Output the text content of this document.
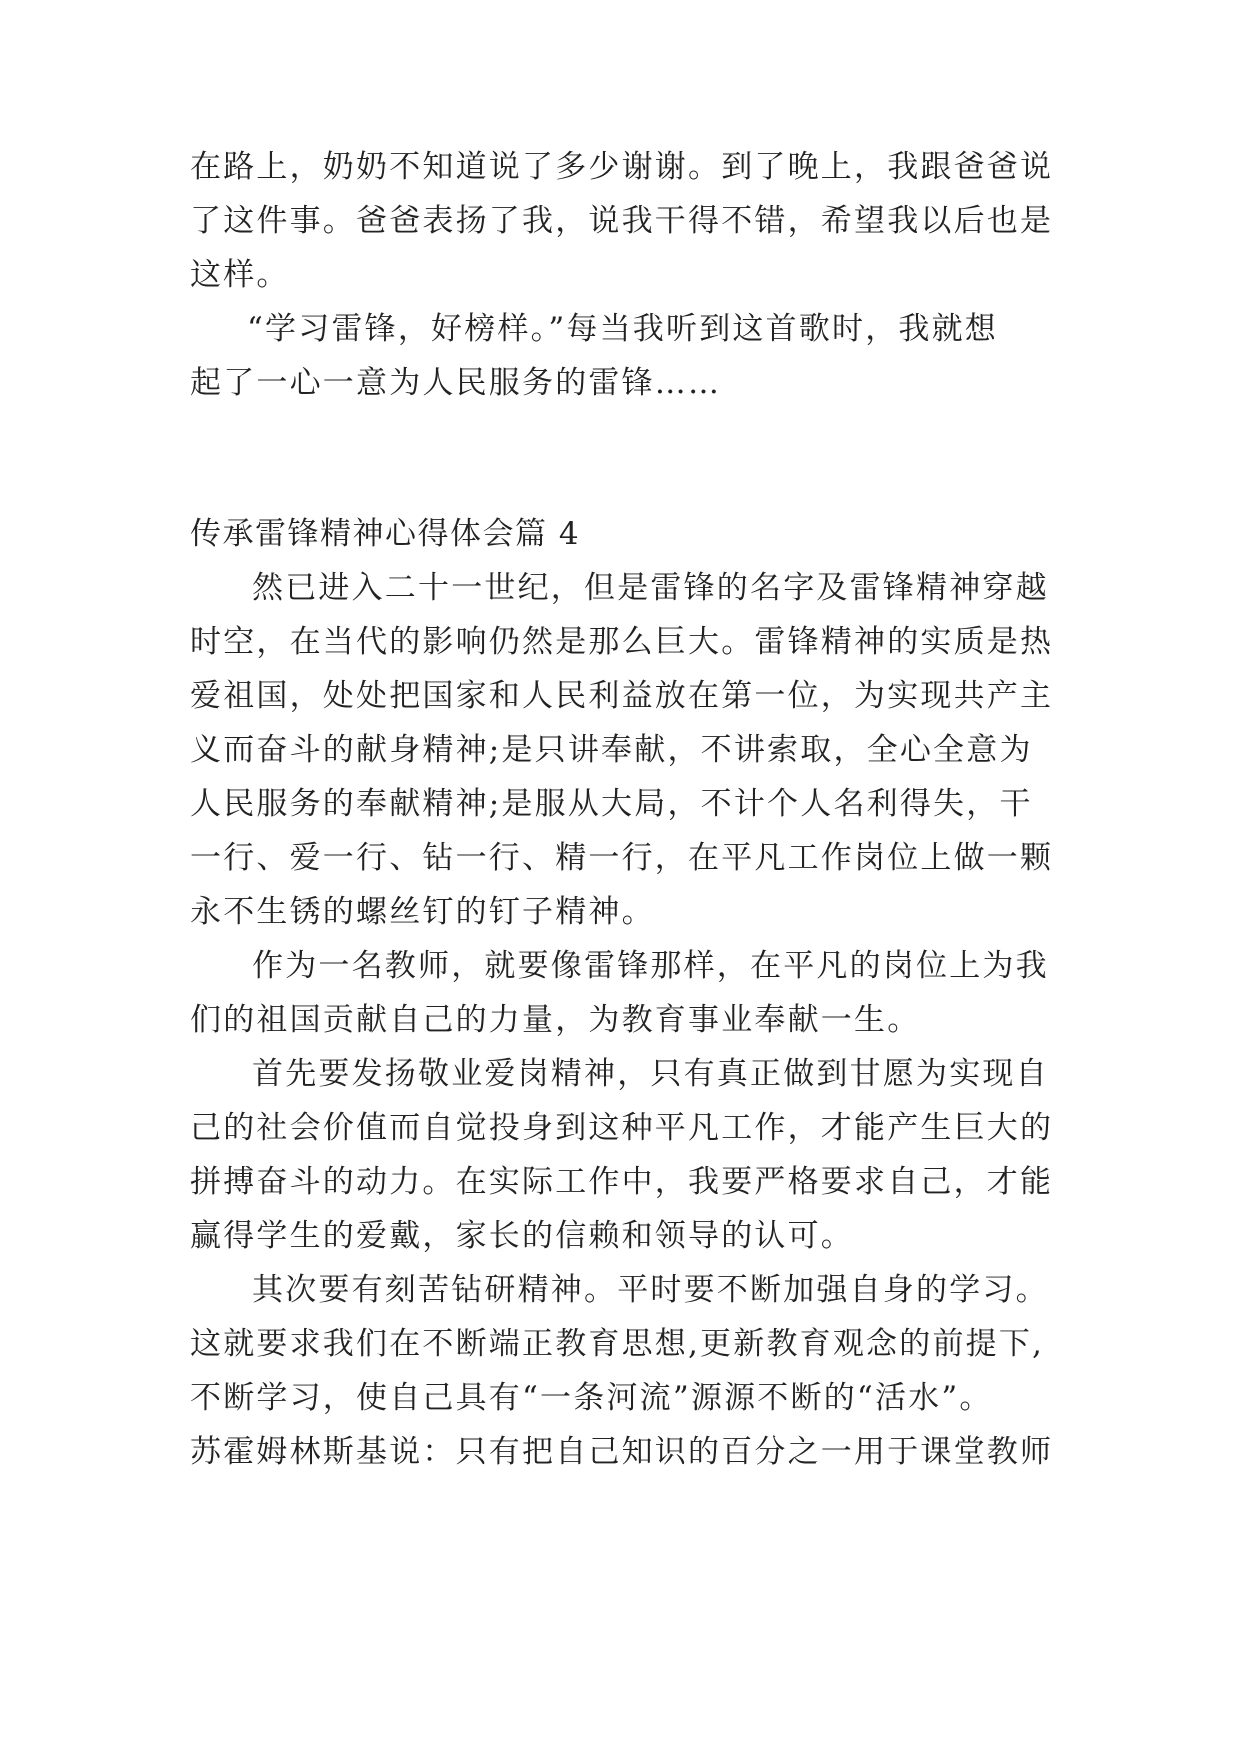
在路上，奶奶不知道说了多少谢谢。到了晚上，我跟爸爸说
了这件事。爸爸表扬了我，说我干得不错，希望我以后也是
这样。
“学习雷锋，好榜样。”每当我听到这首歌时，我就想
起了一心一意为人民服务的雷锋……
传承雷锋精神心得体会篇 4
然已进入二十一世纪，但是雷锋的名字及雷锋精神穿越
时空，在当代的影响仍然是那么巨大。雷锋精神的实质是热
爱祖国，处处把国家和人民利益放在第一位，为实现共产主
义而奋斗的献身精神;是只讲奉献，不讲索取，全心全意为
人民服务的奉献精神;是服从大局，不计个人名利得失，干
一行、爱一行、钻一行、精一行，在平凡工作岗位上做一颗
永不生锈的螺丝钉的钉子精神。
作为一名教师，就要像雷锋那样，在平凡的岗位上为我
们的祖国贡献自己的力量，为教育事业奉献一生。
首先要发扬敬业爱岗精神，只有真正做到甘愿为实现自
己的社会价值而自觉投身到这种平凡工作，才能产生巨大的
拼搏奋斗的动力。在实际工作中，我要严格要求自己，才能
赢得学生的爱戴，家长的信赖和领导的认可。
其次要有刻苦钻研精神。平时要不断加强自身的学习。
这就要求我们在不断端正教育思想,更新教育观念的前提下,
不断学习，使自己具有“一条河流”源源不断的“活水”。
苏霍姆林斯基说：只有把自己知识的百分之一用于课堂教师
